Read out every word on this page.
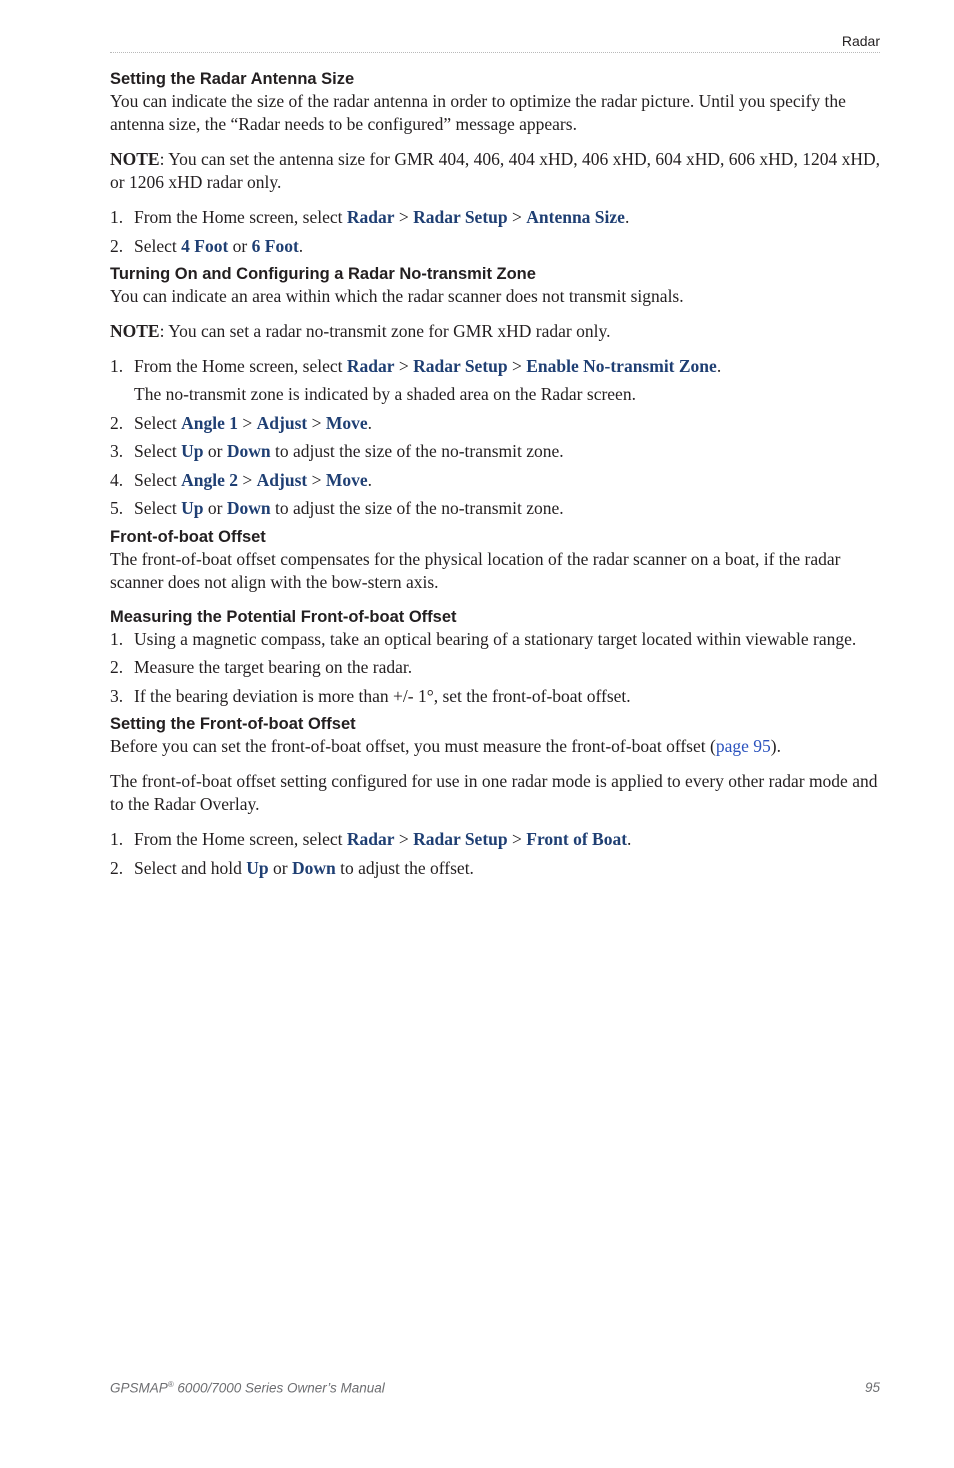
Radar
Setting the Radar Antenna Size

You can indicate the size of the radar antenna in order to optimize the radar picture. Until you specify the antenna size, the “Radar needs to be configured” message appears.

NOTE: You can set the antenna size for GMR 404, 406, 404 xHD, 406 xHD, 604 xHD, 606 xHD, 1204 xHD, or 1206 xHD radar only.

1. From the Home screen, select Radar > Radar Setup > Antenna Size.
2. Select 4 Foot or 6 Foot.
Turning On and Configuring a Radar No-transmit Zone

You can indicate an area within which the radar scanner does not transmit signals.

NOTE: You can set a radar no-transmit zone for GMR xHD radar only.

1. From the Home screen, select Radar > Radar Setup > Enable No-transmit Zone.
The no-transmit zone is indicated by a shaded area on the Radar screen.
2. Select Angle 1 > Adjust > Move.
3. Select Up or Down to adjust the size of the no-transmit zone.
4. Select Angle 2 > Adjust > Move.
5. Select Up or Down to adjust the size of the no-transmit zone.
Front-of-boat Offset

The front-of-boat offset compensates for the physical location of the radar scanner on a boat, if the radar scanner does not align with the bow-stern axis.

Measuring the Potential Front-of-boat Offset
1. Using a magnetic compass, take an optical bearing of a stationary target located within viewable range.
2. Measure the target bearing on the radar.
3. If the bearing deviation is more than +/- 1°, set the front-of-boat offset.
Setting the Front-of-boat Offset

Before you can set the front-of-boat offset, you must measure the front-of-boat offset (page 95).

The front-of-boat offset setting configured for use in one radar mode is applied to every other radar mode and to the Radar Overlay.

1. From the Home screen, select Radar > Radar Setup > Front of Boat.
2. Select and hold Up or Down to adjust the offset.
GPSMAP® 6000/7000 Series Owner’s Manual	95
